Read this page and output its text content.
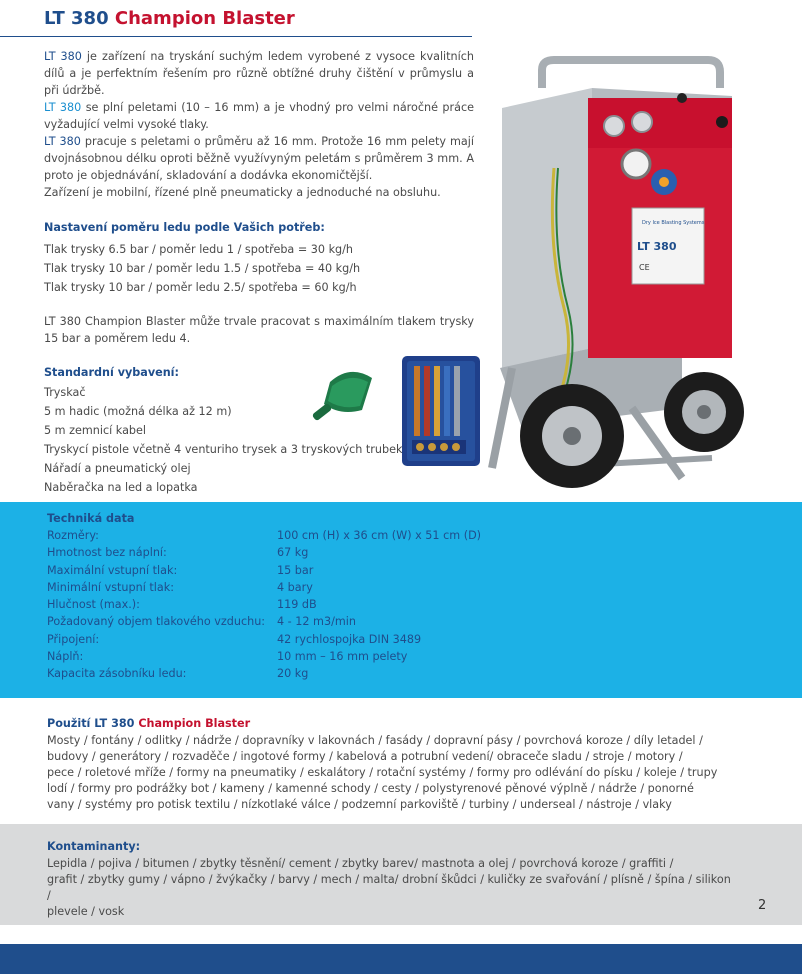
LT 380 Champion Blaster

LT 380 je zařízení na tryskání suchým ledem vyrobené z vysoce kvalitních dílů a je perfektním řešením pro různě obtížné druhy čištění v průmyslu a při údržbě.

LT 380 se plní peletami (10 – 16 mm) a je vhodný pro velmi náročné práce vyžadující velmi vysoké tlaky.

LT 380 pracuje s peletami o průměru až 16 mm. Protože 16 mm pelety mají dvojnásobnou délku oproti běžně využívyným peletám s průměrem 3 mm. A proto je objednávání, skladování a dodávka ekonomičtější.

Zařízení je mobilní, řízené plně pneumaticky a jednoduché na obsluhu.

Nastavení poměru ledu podle Vašich potřeb:
Tlak trysky 6.5 bar / poměr ledu 1 / spotřeba = 30 kg/h
Tlak trysky 10 bar / poměr ledu 1.5 / spotřeba = 40 kg/h
Tlak trysky 10 bar / poměr ledu 2.5/ spotřeba = 60 kg/h
LT 380 Champion Blaster může trvale pracovat s maximálním tlakem trysky 15 bar a poměrem ledu 4.
Standardní vybavení:
Tryskač
5 m hadic (možná délka až 12 m)
5 m zemnicí kabel
Tryskycí pistole včetně 4 venturiho trysek a 3 tryskových trubek
Nářadí a pneumatický olej
Naběračka na led a lopatka
Dry Ice Blasting Systems
LT 380
CE
Techniká data
Rozměry:	100 cm (H) x 36 cm (W) x 51 cm (D)
Hmotnost bez náplní:	67 kg
Maximální vstupní tlak:	15 bar
Minimální vstupní tlak:	4 bary
Hlučnost (max.):	119 dB
Požadovaný objem tlakového vzduchu: 4 - 12 m3/min
Připojení:	42 rychlospojka DIN 3489
Náplň:	10 mm – 16 mm pelety
Kapacita zásobníku ledu:	20 kg
Použití LT 380 Champion Blaster
Mosty / fontány / odlitky / nádrže / dopravníky v lakovnách / fasády / dopravní pásy / povrchová koroze / díly letadel /
budovy / generátory / rozvaděče / ingotové formy / kabelová a potrubní vedení/ obraceče sladu / stroje / motory /
pece / roletové mříže / formy na pneumatiky / eskalátory / rotační systémy / formy pro odlévání do písku / koleje / trupy
lodí / formy pro podrážky bot / kameny / kamenné schody / cesty / polystyrenové pěnové výplně / nádrže / ponorné
vany / systémy pro potisk textilu / nízkotlaké válce / podzemní parkoviště / turbiny / underseal / nástroje / vlaky
Kontaminanty:
Lepidla / pojiva / bitumen / zbytky těsnění/ cement / zbytky barev/ mastnota a olej / povrchová koroze / graffiti /
grafit / zbytky gumy / vápno / žvýkačky / barvy / mech / malta/ drobní škůdci / kuličky ze svařování / plísně / špína / silikon /
plevele / vosk	2
